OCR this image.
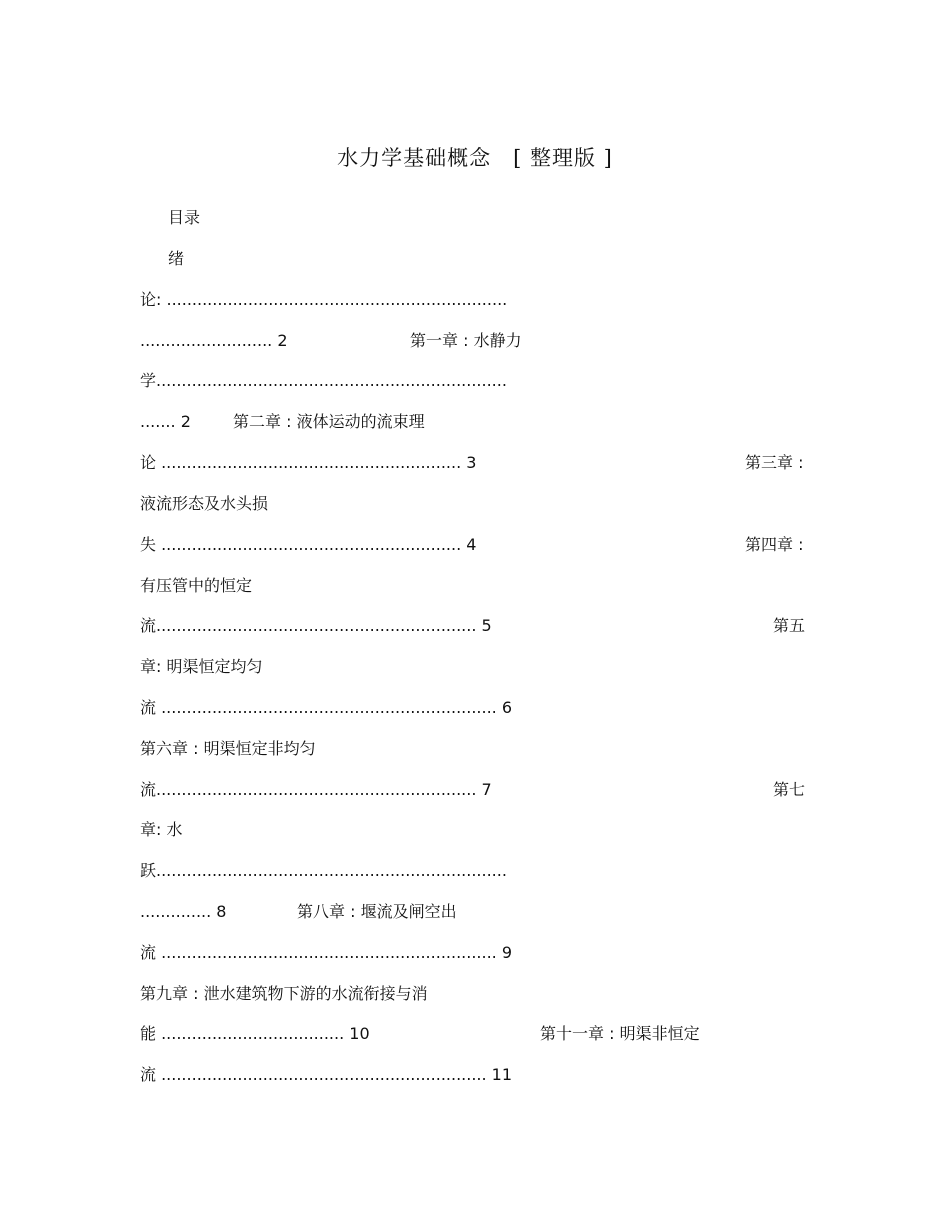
水力学基础概念　[ 整理版 ]
目录
绪
论: ...................................................................
.......................... 2	第一章 : 水静力
学.....................................................................
....... 2	第二章 : 液体运动的流束理
论 ........................................................... 3	第三章 :
液流形态及水头损
失 ........................................................... 4	第四章 :
有压管中的恒定
流............................................................... 5	第五
章: 明渠恒定均匀
流 .................................................................. 6
第六章 : 明渠恒定非均匀
流............................................................... 7	第七
章: 水
跃.....................................................................
.............. 8	第八章 : 堰流及闸空出
流 .................................................................. 9
第九章 : 泄水建筑物下游的水流衔接与消
能 .................................... 10	第十一章 : 明渠非恒定
流 ................................................................ 11
